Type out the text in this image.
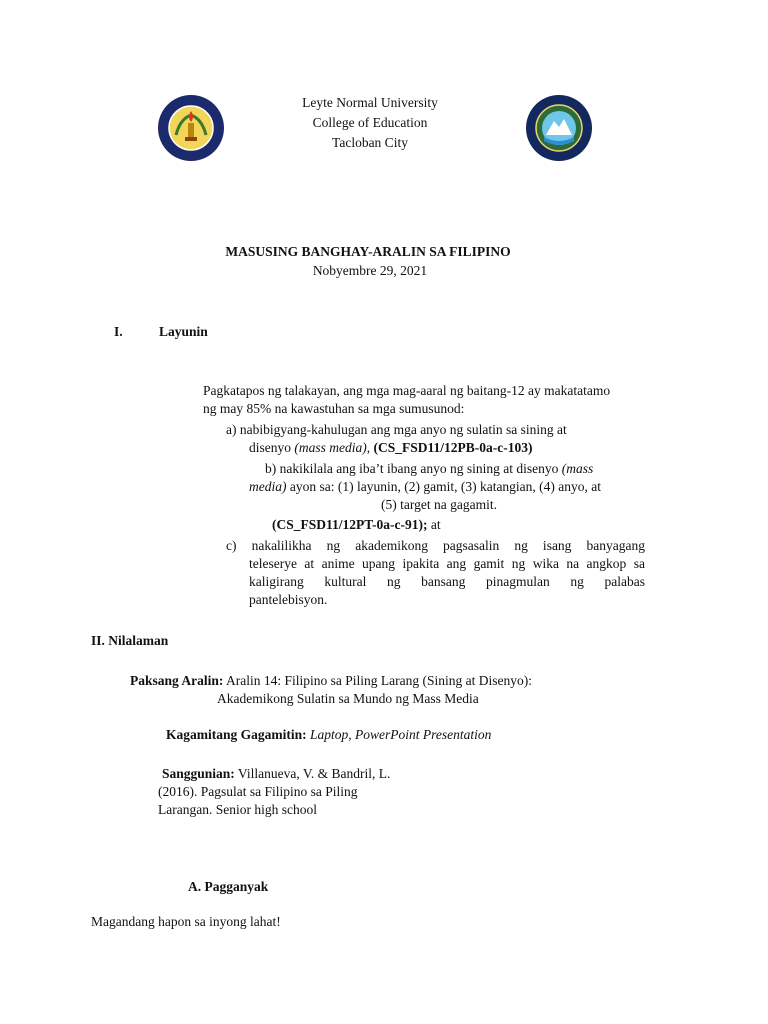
Leyte Normal University
College of Education
Tacloban City
MASUSING BANGHAY-ARALIN SA FILIPINO
Nobyembre 29, 2021
I.	Layunin
Pagkatapos ng talakayan, ang mga mag-aaral ng baitang-12 ay makatatamo
ng may 85% na kawastuhan sa mga sumusunod:
a) nabibigyang-kahulugan ang mga anyo ng sulatin sa sining at
disenyo (mass media), (CS_FSD11/12PB-0a-c-103)
b) nakikilala ang iba’t ibang anyo ng sining at disenyo (mass
media) ayon sa: (1) layunin, (2) gamit, (3) katangian, (4) anyo, at
(5) target na gagamit.
(CS_FSD11/12PT-0a-c-91); at
c) nakalilikha ng akademikong pagsasalin ng isang banyagang
teleserye at anime upang ipakita ang gamit ng wika na angkop sa
kaligirang kultural ng bansang pinagmulan ng palabas
pantelebisyon.
II. Nilalaman
Paksang Aralin: Aralin 14: Filipino sa Piling Larang (Sining at Disenyo):
Akademikong Sulatin sa Mundo ng Mass Media
Kagamitang Gagamitin: Laptop, PowerPoint Presentation
Sanggunian: Villanueva, V. & Bandril, L.
(2016). Pagsulat sa Filipino sa Piling
Larangan. Senior high school
A. Pagganyak
Magandang hapon sa inyong lahat!
